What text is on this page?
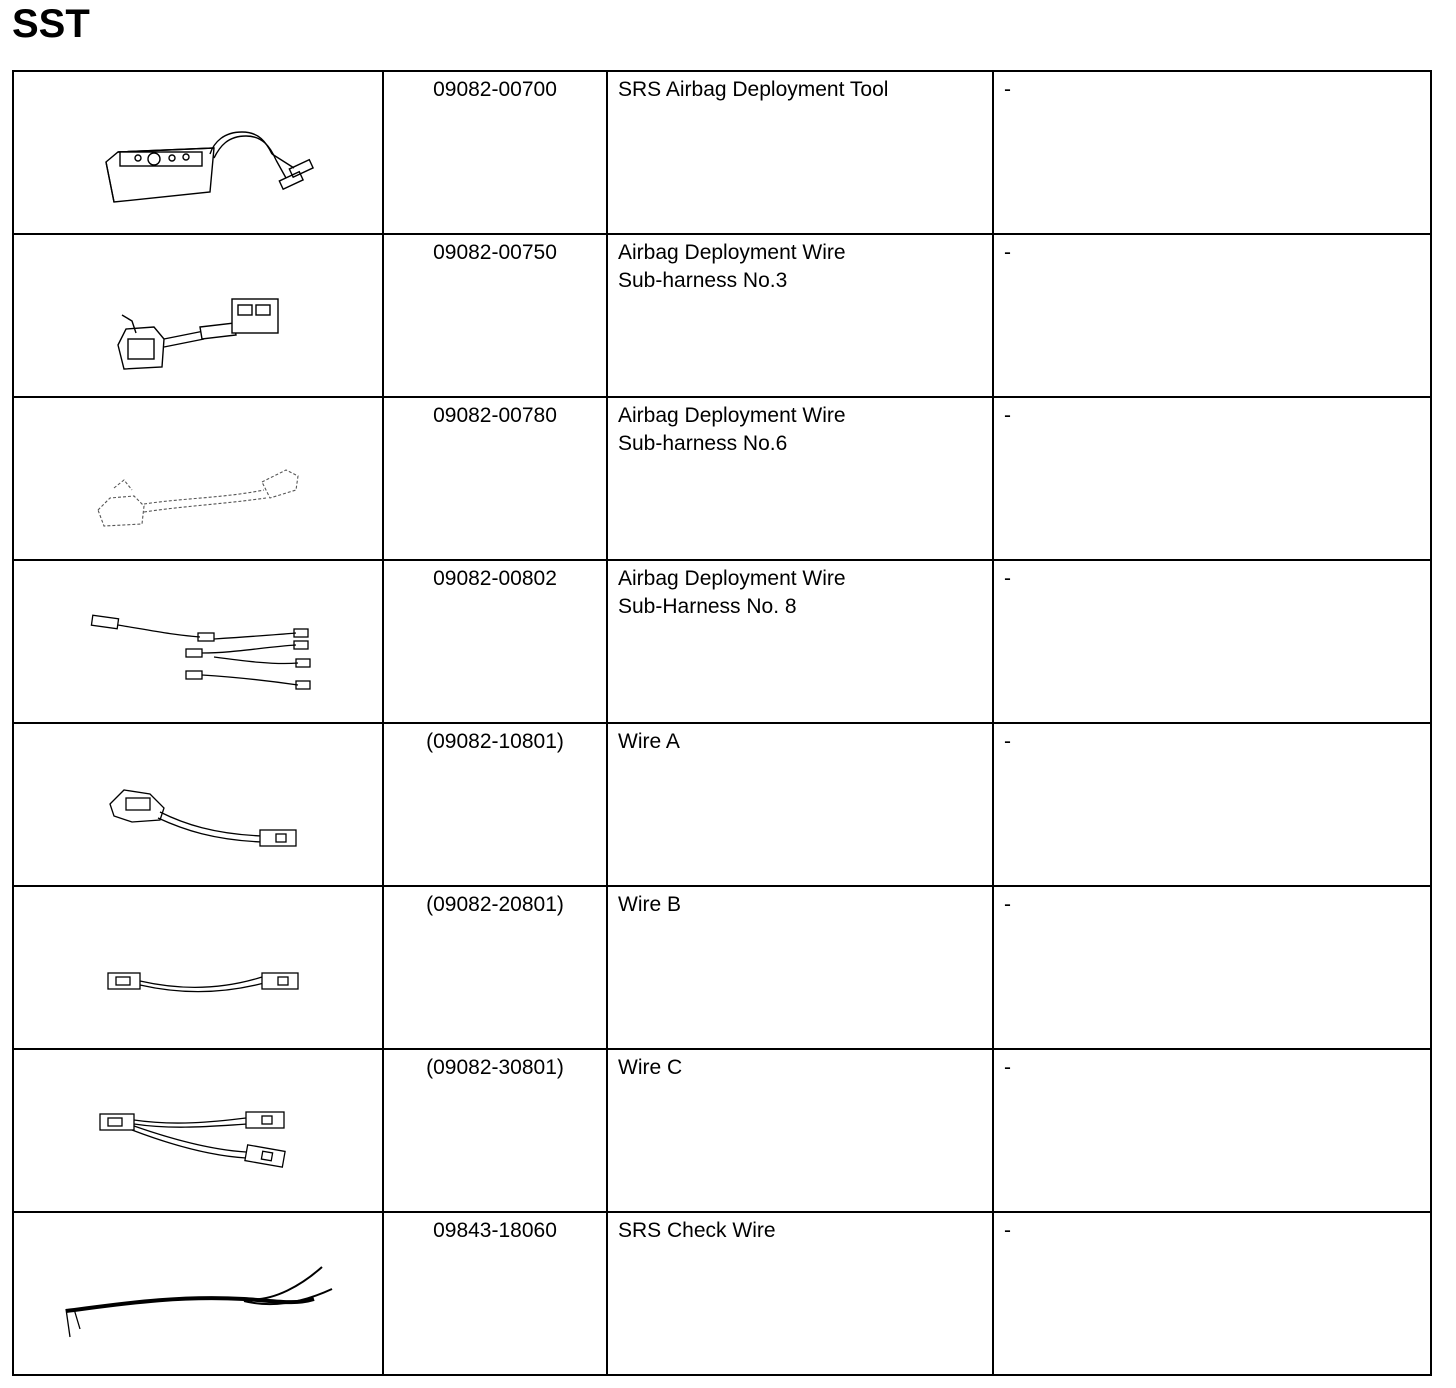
SST
	09082-00700	SRS Airbag Deployment Tool	-

	09082-00750	Airbag Deployment Wire
Sub-harness No.3	-

	09082-00780	Airbag Deployment Wire
Sub-harness No.6	-

	09082-00802	Airbag Deployment Wire
Sub-Harness No. 8	-

	(09082-10801)	Wire A	-

	(09082-20801)	Wire B	-

	(09082-30801)	Wire C	-

	09843-18060	SRS Check Wire	-
